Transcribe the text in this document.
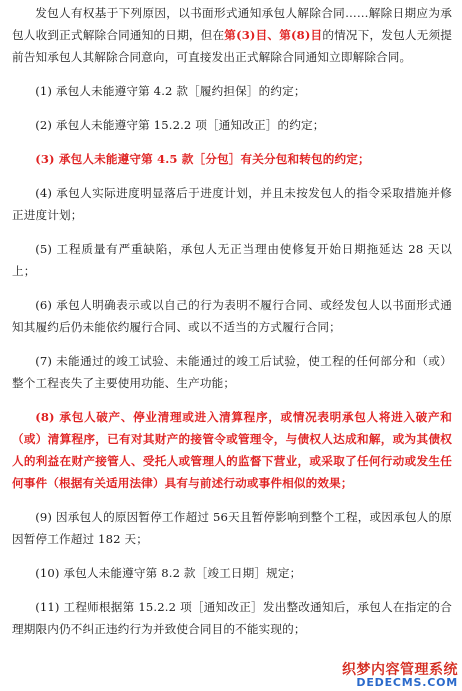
发包人有权基于下列原因，以书面形式通知承包人解除合同……解除日期应为承包人收到正式解除合同通知的日期，但在第(3)目、第(8)目的情况下，发包人无须提前告知承包人其解除合同意向，可直接发出正式解除合同通知立即解除合同。

(1) 承包人未能遵守第 4.2 款［履约担保］的约定；

(2) 承包人未能遵守第 15.2.2 项［通知改正］的约定；

(3) 承包人未能遵守第 4.5 款［分包］有关分包和转包的约定；

(4) 承包人实际进度明显落后于进度计划，并且未按发包人的指令采取措施并修正进度计划；

(5) 工程质量有严重缺陷，承包人无正当理由使修复开始日期拖延达 28 天以上；

(6) 承包人明确表示或以自己的行为表明不履行合同、或经发包人以书面形式通知其履约后仍未能依约履行合同、或以不适当的方式履行合同；

(7) 未能通过的竣工试验、未能通过的竣工后试验，使工程的任何部分和（或）整个工程丧失了主要使用功能、生产功能；

(8) 承包人破产、停业清理或进入清算程序，或情况表明承包人将进入破产和（或）清算程序，已有对其财产的接管令或管理令，与债权人达成和解，或为其债权人的利益在财产接管人、受托人或管理人的监督下营业，或采取了任何行动或发生任何事件（根据有关适用法律）具有与前述行动或事件相似的效果；

(9) 因承包人的原因暂停工作超过 56天且暂停影响到整个工程，或因承包人的原因暂停工作超过 182 天；

(10) 承包人未能遵守第 8.2 款［竣工日期］规定；

(11) 工程师根据第 15.2.2 项［通知改正］发出整改通知后，承包人在指定的合理期限内仍不纠正违约行为并致使合同目的不能实现的；

织梦内容管理系统
DEDECMS.COM
